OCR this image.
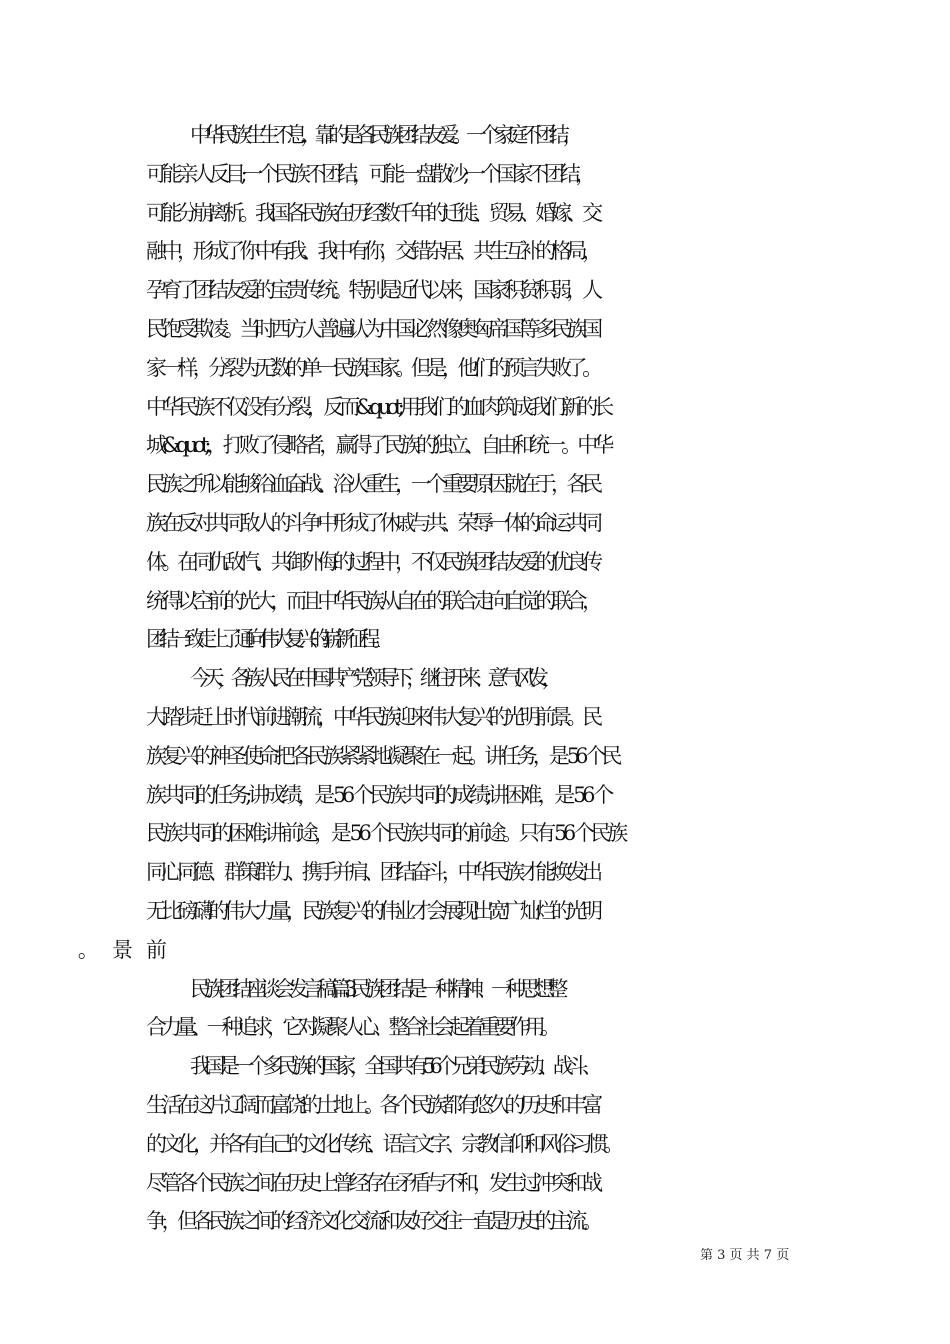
中华民族生生不息，靠的是各民族团结友爱。一个家庭不团结，
可能亲人反目;一个民族不团结，可能一盘散沙;一个国家不团结，
可能分崩离析。我国各民族在历经数千年的迁徙、贸易、婚嫁、交
融中，形成了你中有我、我中有你，交错杂居、共生互补的格局，
孕育了团结友爱的宝贵传统。特别是近代以来，国家积贫积弱，人
民饱受欺凌。当时西方人普遍认为中国必然像奥匈帝国等多民族国
家一样，分裂为无数的单一民族国家。但是，他们的预言失败了。
中华民族不仅没有分裂，反而&quot;用我们的血肉筑成我们新的长
城&quot;，打败了侵略者，赢得了民族的独立、自由和统一。中华
民族之所以能够浴血奋战、浴火重生，一个重要原因就在于，各民
族在反对共同敌人的斗争中形成了休戚与共、荣辱一体的命运共同
体。在同仇敌忾、共御外侮的过程中，不仅民族团结友爱的优良传
统得以空前的光大，而且中华民族从自在的联合走向自觉的联合，
团结一致走上了通向伟大复兴的崭新征程。
今天，各族人民在中国共产党领导下，继往开来、意气风发，
大踏步赶上时代前进潮流，中华民族迎来伟大复兴的光明前景。民
族复兴的神圣使命把各民族紧紧地凝聚在一起。讲任务，是 56 个民
族共同的任务;讲成绩，是 56 个民族共同的成绩;讲困难，是 56 个
民族共同的困难;讲前途，是 56 个民族共同的前途。只有 56 个民族
同心同德、群策群力、携手并肩、团结奋斗，中华民族才能焕发出
无比磅礴的伟大力量，民族复兴的伟业才会展现出宽广灿烂的光明
民族团结座谈会发言稿篇 3 民族团结是一种精神、一种思想整
合力量、一种追求，它对凝聚人心、整合社会起着重要作用。
我国是一个多民族的国家，全国共有 56 个兄弟民族劳动、战斗、
生活在这片辽阔而富饶的土地上。各个民族都有悠久的历史和丰富
的文化，并各有自己的文化传统、语言文字、宗教信仰和风俗习惯。
尽管各个民族之间在历史上曾经存在矛盾与不和，发生过冲突和战
争，但各民族之间的经济文化交流和友好交往一直是历史的主流。
第 3 页 共 7 页
